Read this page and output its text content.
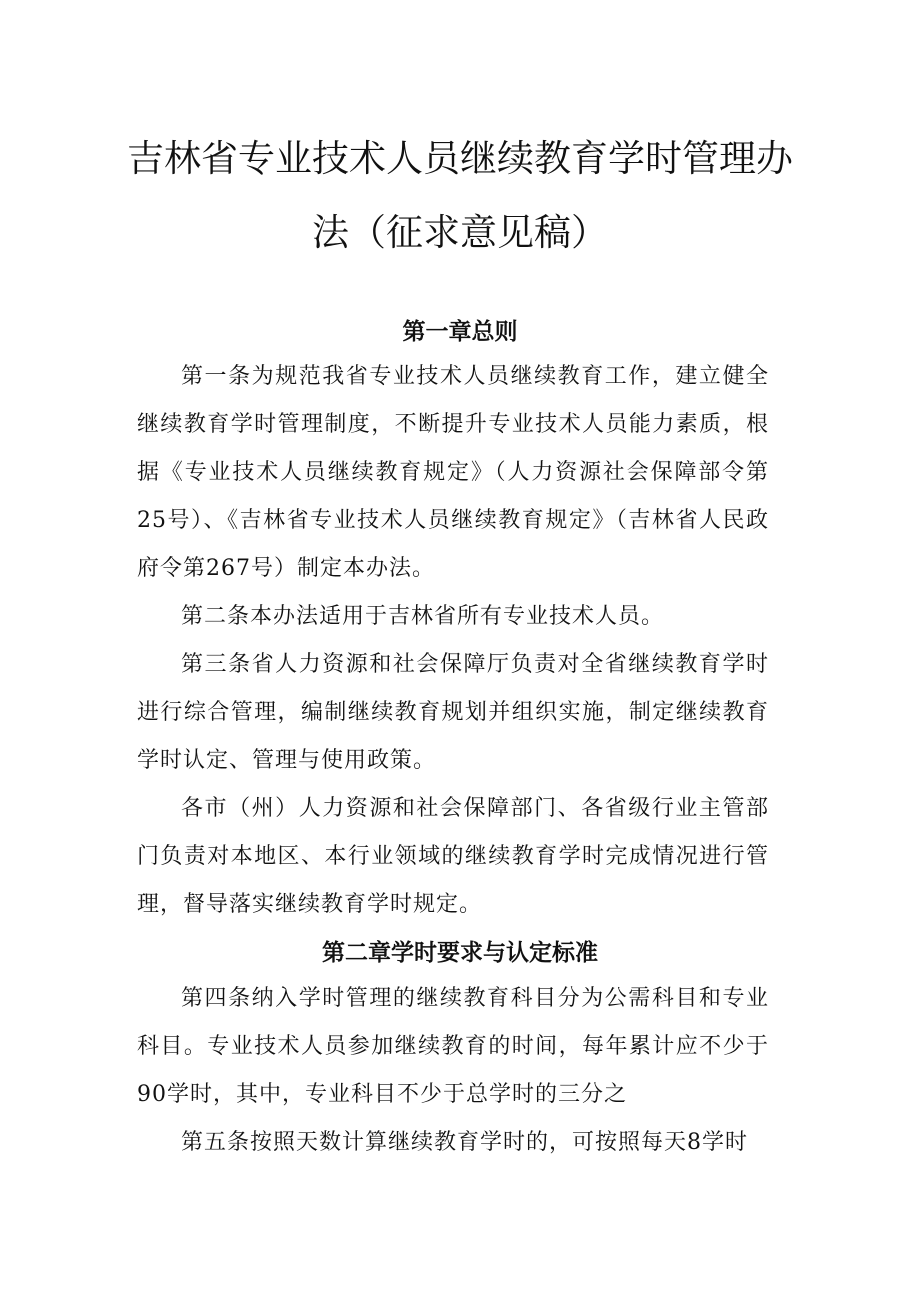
吉林省专业技术人员继续教育学时管理办
法（征求意见稿）
第一章总则

第一条为规范我省专业技术人员继续教育工作，建立健全继续教育学时管理制度，不断提升专业技术人员能力素质，根据《专业技术人员继续教育规定》（人力资源社会保障部令第25号）、《吉林省专业技术人员继续教育规定》（吉林省人民政府令第267号）制定本办法。

第二条本办法适用于吉林省所有专业技术人员。

第三条省人力资源和社会保障厅负责对全省继续教育学时进行综合管理，编制继续教育规划并组织实施，制定继续教育学时认定、管理与使用政策。

各市（州）人力资源和社会保障部门、各省级行业主管部门负责对本地区、本行业领域的继续教育学时完成情况进行管理，督导落实继续教育学时规定。

第二章学时要求与认定标准

第四条纳入学时管理的继续教育科目分为公需科目和专业科目。专业技术人员参加继续教育的时间，每年累计应不少于90学时，其中，专业科目不少于总学时的三分之

第五条按照天数计算继续教育学时的，可按照每天8学时
